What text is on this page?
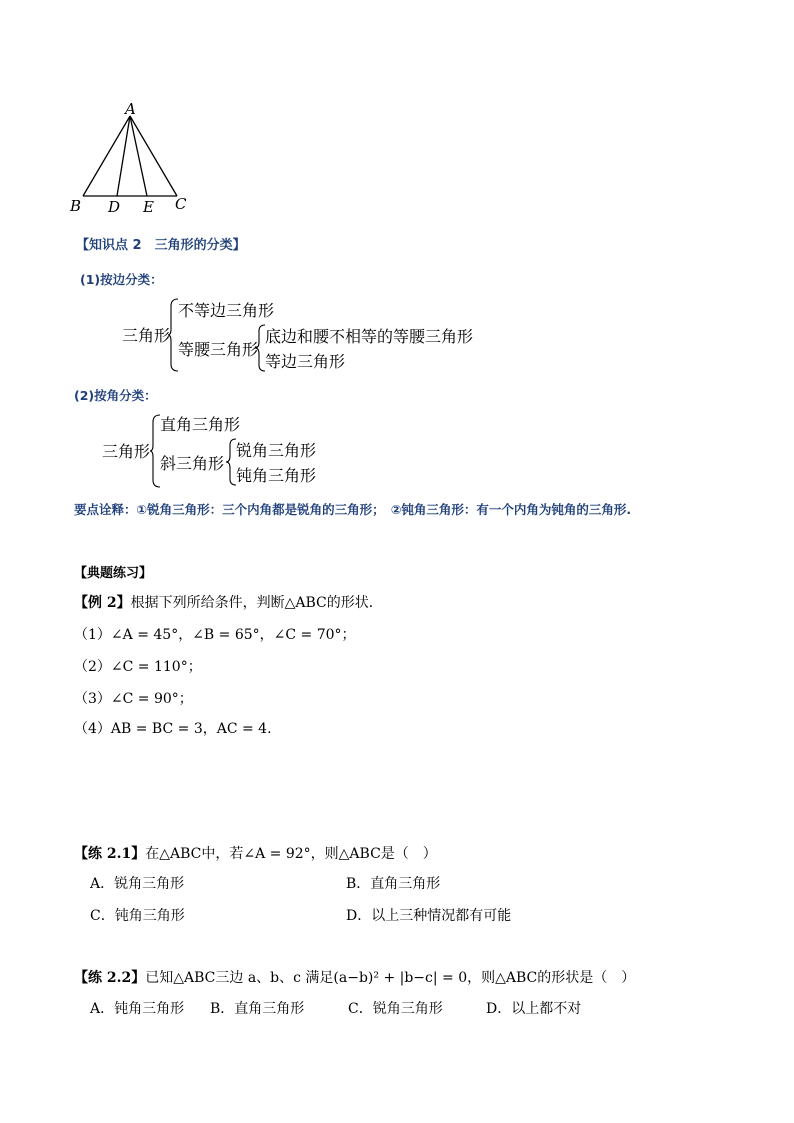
A
B D E C
【知识点 2　三角形的分类】
(1)按边分类：
三角形
不等边三角形
等腰三角形
底边和腰不相等的等腰三角形
等边三角形
(2)按角分类：
三角形
直角三角形
斜三角形
锐角三角形
钝角三角形
要点诠释：①锐角三角形：三个内角都是锐角的三角形；　②钝角三角形：有一个内角为钝角的三角形.
【典题练习】
【例 2】根据下列所给条件，判断△ABC的形状．
（1）∠A = 45°，∠B = 65°，∠C = 70°；
（2）∠C = 110°；
（3）∠C = 90°；
（4）AB = BC = 3，AC = 4.
【练 2.1】在△ABC中，若∠A = 92°，则△ABC是（　）
A．锐角三角形	B．直角三角形
C．钝角三角形	D．以上三种情况都有可能
【练 2.2】已知△ABC三边 a、b、c 满足(a−b)² + |b−c| = 0，则△ABC的形状是（　）
A．钝角三角形 B．直角三角形	C．锐角三角形	D．以上都不对
